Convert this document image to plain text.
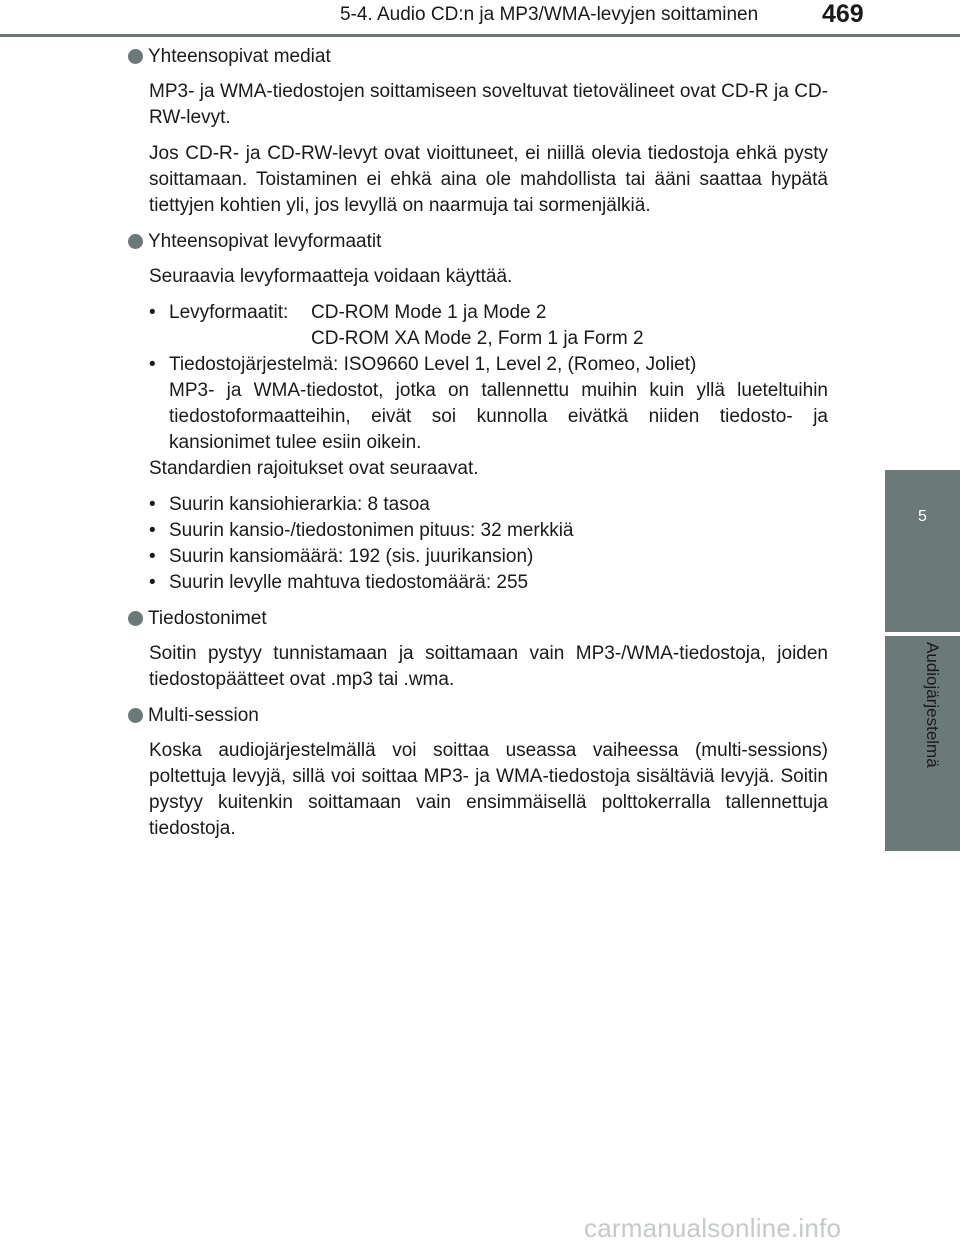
5-4. Audio CD:n ja MP3/WMA-levyjen soittaminen	469
5
Audiojärjestelmä
Yhteensopivat mediat

MP3- ja WMA-tiedostojen soittamiseen soveltuvat tietovälineet ovat CD-R ja CD-RW-levyt.

Jos CD-R- ja CD-RW-levyt ovat vioittuneet, ei niillä olevia tiedostoja ehkä pysty soittamaan. Toistaminen ei ehkä aina ole mahdollista tai ääni saattaa hypätä tiettyjen kohtien yli, jos levyllä on naarmuja tai sormenjälkiä.

Yhteensopivat levyformaatit

Seuraavia levyformaatteja voidaan käyttää.

• Levyformaatit:	CD-ROM Mode 1 ja Mode 2
CD-ROM XA Mode 2, Form 1 ja Form 2
• Tiedostojärjestelmä: ISO9660 Level 1, Level 2, (Romeo, Joliet)
MP3- ja WMA-tiedostot, jotka on tallennettu muihin kuin yllä lueteltuihin tiedostoformaatteihin, eivät soi kunnolla eivätkä niiden tiedosto- ja kansionimet tulee esiin oikein.

Standardien rajoitukset ovat seuraavat.

• Suurin kansiohierarkia: 8 tasoa
• Suurin kansio-/tiedostonimen pituus: 32 merkkiä
• Suurin kansiomäärä: 192 (sis. juurikansion)
• Suurin levylle mahtuva tiedostomäärä: 255
Tiedostonimet

Soitin pystyy tunnistamaan ja soittamaan vain MP3-/WMA-tiedostoja, joiden tiedostopäätteet ovat .mp3 tai .wma.

Multi-session

Koska audiojärjestelmällä voi soittaa useassa vaiheessa (multi-sessions) poltettuja levyjä, sillä voi soittaa MP3- ja WMA-tiedostoja sisältäviä levyjä. Soitin pystyy kuitenkin soittamaan vain ensimmäisellä polttokerralla tallennettuja tiedostoja.

carmanualsonline.info
